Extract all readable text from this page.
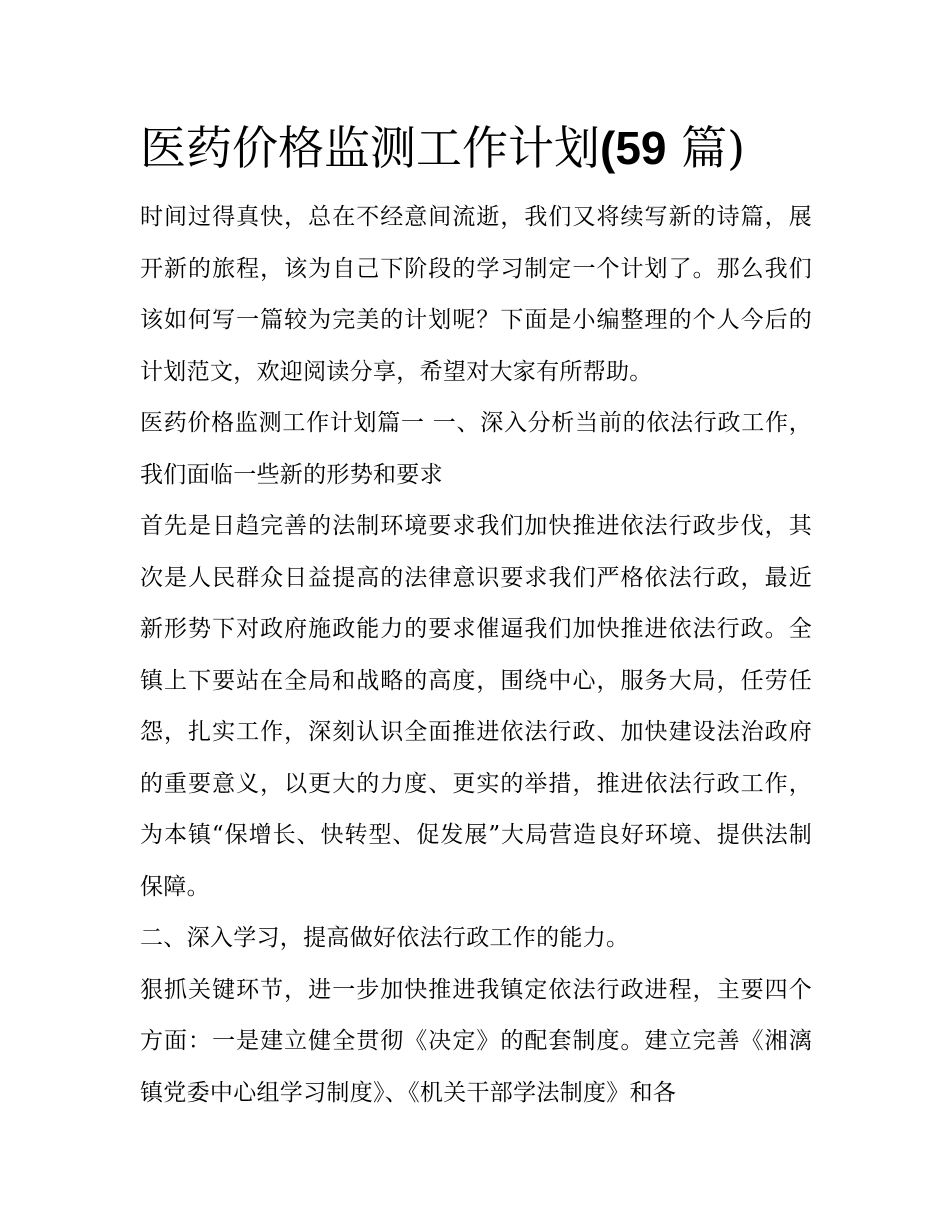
医药价格监测工作计划(59 篇)

时间过得真快，总在不经意间流逝，我们又将续写新的诗篇，展开新的旅程，该为自己下阶段的学习制定一个计划了。那么我们该如何写一篇较为完美的计划呢？下面是小编整理的个人今后的计划范文，欢迎阅读分享，希望对大家有所帮助。

医药价格监测工作计划篇一 一、深入分析当前的依法行政工作，我们面临一些新的形势和要求

首先是日趋完善的法制环境要求我们加快推进依法行政步伐，其次是人民群众日益提高的法律意识要求我们严格依法行政，最近新形势下对政府施政能力的要求催逼我们加快推进依法行政。全镇上下要站在全局和战略的高度，围绕中心，服务大局，任劳任怨，扎实工作，深刻认识全面推进依法行政、加快建设法治政府的重要意义，以更大的力度、更实的举措，推进依法行政工作，为本镇“保增长、快转型、促发展”大局营造良好环境、提供法制保障。

二、深入学习，提高做好依法行政工作的能力。

狠抓关键环节，进一步加快推进我镇定依法行政进程，主要四个方面：一是建立健全贯彻《决定》的配套制度。建立完善《湘漓镇党委中心组学习制度》、《机关干部学法制度》和各
